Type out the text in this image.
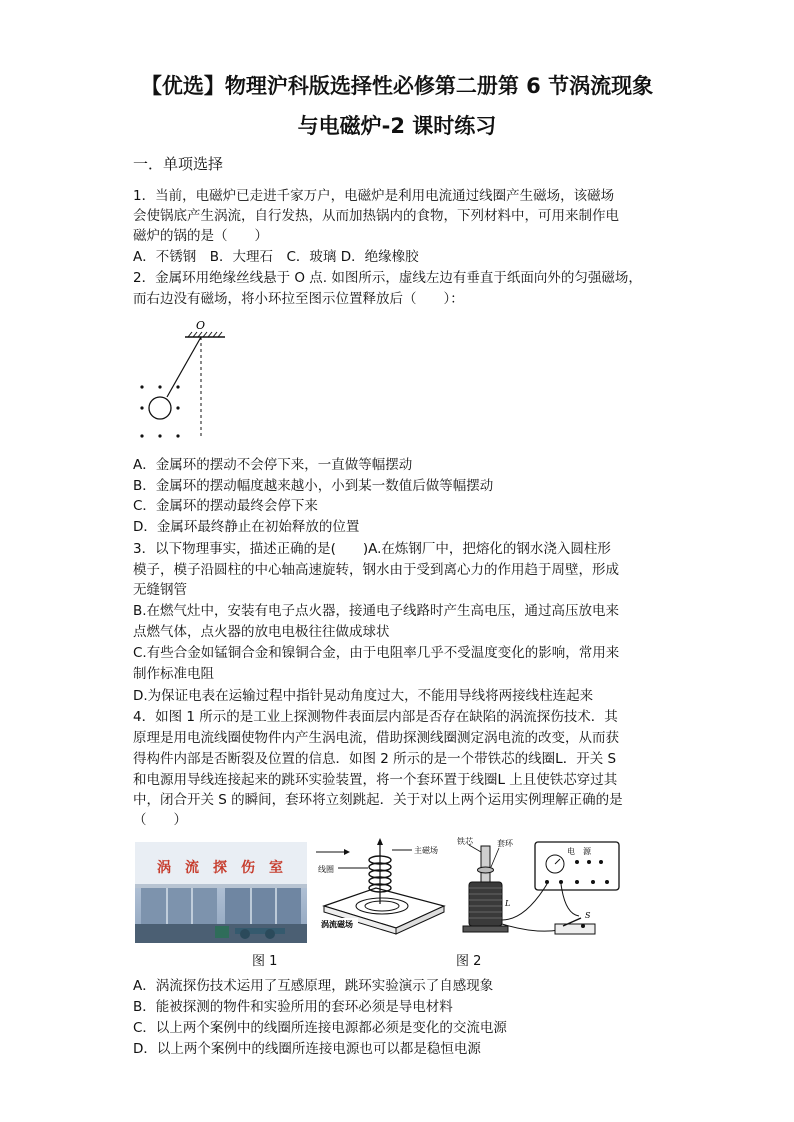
【优选】物理沪科版选择性必修第二册第 6 节涡流现象
与电磁炉-2 课时练习
一．单项选择
1．当前，电磁炉已走进千家万户，电磁炉是利用电流通过线圈产生磁场，该磁场
会使锅底产生涡流，自行发热，从而加热锅内的食物，下列材料中，可用来制作电
磁炉的锅的是（　　）
A．不锈钢　B．大理石　C．玻璃 D．绝缘橡胶
2．金属环用绝缘丝线悬于 O 点. 如图所示，虚线左边有垂直于纸面向外的匀强磁场，
而右边没有磁场，将小环拉至图示位置释放后（　　）：
O
A．金属环的摆动不会停下来，一直做等幅摆动
B．金属环的摆动幅度越来越小，小到某一数值后做等幅摆动
C．金属环的摆动最终会停下来
D．金属环最终静止在初始释放的位置
3．以下物理事实，描述正确的是(　　)A.在炼钢厂中，把熔化的钢水浇入圆柱形
模子，模子沿圆柱的中心轴高速旋转，钢水由于受到离心力的作用趋于周壁，形成
无缝钢管
B.在燃气灶中，安装有电子点火器，接通电子线路时产生高电压，通过高压放电来
点燃气体，点火器的放电电极往往做成球状
C.有些合金如锰铜合金和镍铜合金，由于电阻率几乎不受温度变化的影响，常用来
制作标准电阻
D.为保证电表在运输过程中指针晃动角度过大，不能用导线将两接线柱连起来
4．如图 1 所示的是工业上探测物件表面层内部是否存在缺陷的涡流探伤技术．其
原理是用电流线圈使物件内产生涡电流，借助探测线圈测定涡电流的改变，从而获
得构件内部是否断裂及位置的信息．如图 2 所示的是一个带铁芯的线圈L．开关 S
和电源用导线连接起来的跳环实验装置，将一个套环置于线圈L 上且使铁芯穿过其
中，闭合开关 S 的瞬间，套环将立刻跳起．关于对以上两个运用实例理解正确的是
（　　）
涡　流　探　伤　室
图 1
线圈
主磁场
涡流磁场
铁芯	套环
L
电　源
S
图 2
A．涡流探伤技术运用了互感原理，跳环实验演示了自感现象
B．能被探测的物件和实验所用的套环必须是导电材料
C．以上两个案例中的线圈所连接电源都必须是变化的交流电源
D．以上两个案例中的线圈所连接电源也可以都是稳恒电源
